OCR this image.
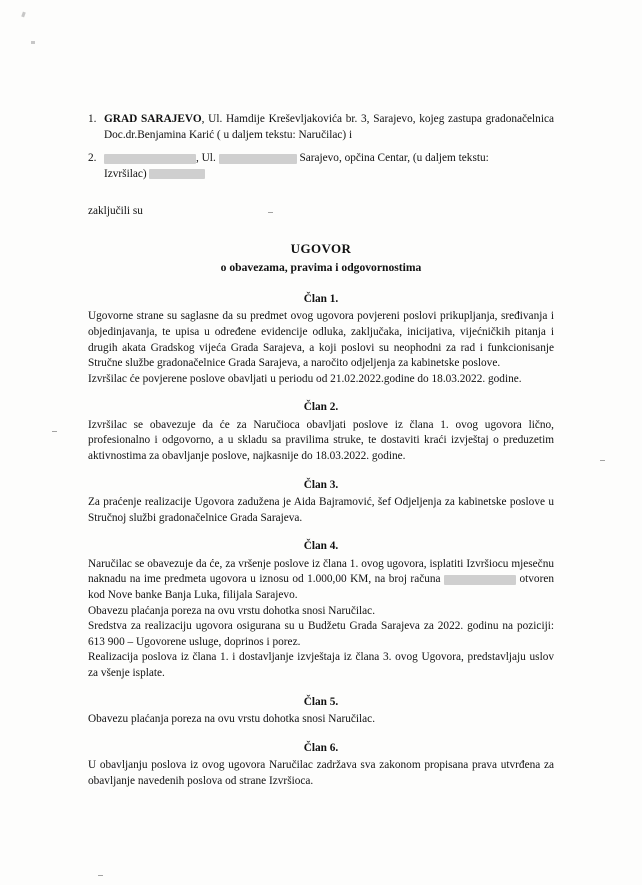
1. GRAD SARAJEVO, Ul. Hamdije Kreševljakovića br. 3, Sarajevo, kojeg zastupa gradonačelnica Doc.dr.Benjamina Karić ( u daljem tekstu: Naručilac) i
2.	, Ul.	Sarajevo, opčina Centar, (u daljem tekstu:
Izvršilac)
zaključili su
UGOVOR
o obavezama, pravima i odgovornostima
Član 1.

Ugovorne strane su saglasne da su predmet ovog ugovora povjereni poslovi prikupljanja, sređivanja i objedinjavanja, te upisa u određene evidencije odluka, zaključaka, inicijativa, vijećničkih pitanja i drugih akata Gradskog vijeća Grada Sarajeva, a koji poslovi su neophodni za rad i funkcionisanje Stručne službe gradonačelnice Grada Sarajeva, a naročito odjeljenja za kabinetske poslove.

Izvršilac će povjerene poslove obavljati u periodu od 21.02.2022.godine do 18.03.2022. godine.

Član 2.

Izvršilac se obavezuje da će za Naručioca obavljati poslove iz člana 1. ovog ugovora lično, profesionalno i odgovorno, a u skladu sa pravilima struke, te dostaviti kraći izvještaj o preduzetim aktivnostima za obavljanje poslove, najkasnije do 18.03.2022. godine.

Član 3.

Za praćenje realizacije Ugovora zadužena je Aida Bajramović, šef Odjeljenja za kabinetske poslove u Stručnoj službi gradonačelnice Grada Sarajeva.

Član 4.

Naručilac se obavezuje da će, za vršenje poslove iz člana 1. ovog ugovora, isplatiti Izvršiocu mjesečnu naknadu na ime predmeta ugovora u iznosu od 1.000,00 KM, na broj računa	otvoren kod Nove banke Banja Luka, filijala Sarajevo.

Obavezu plaćanja poreza na ovu vrstu dohotka snosi Naručilac.

Sredstva za realizaciju ugovora osigurana su u Budžetu Grada Sarajeva za 2022. godinu na poziciji: 613 900 – Ugovorene usluge, doprinos i porez.

Realizacija poslova iz člana 1. i dostavljanje izvještaja iz člana 3. ovog Ugovora, predstavljaju uslov za všenje isplate.

Član 5.

Obavezu plaćanja poreza na ovu vrstu dohotka snosi Naručilac.

Član 6.

U obavljanju poslova iz ovog ugovora Naručilac zadržava sva zakonom propisana prava utvrđena za obavljanje navedenih poslova od strane Izvršioca.
